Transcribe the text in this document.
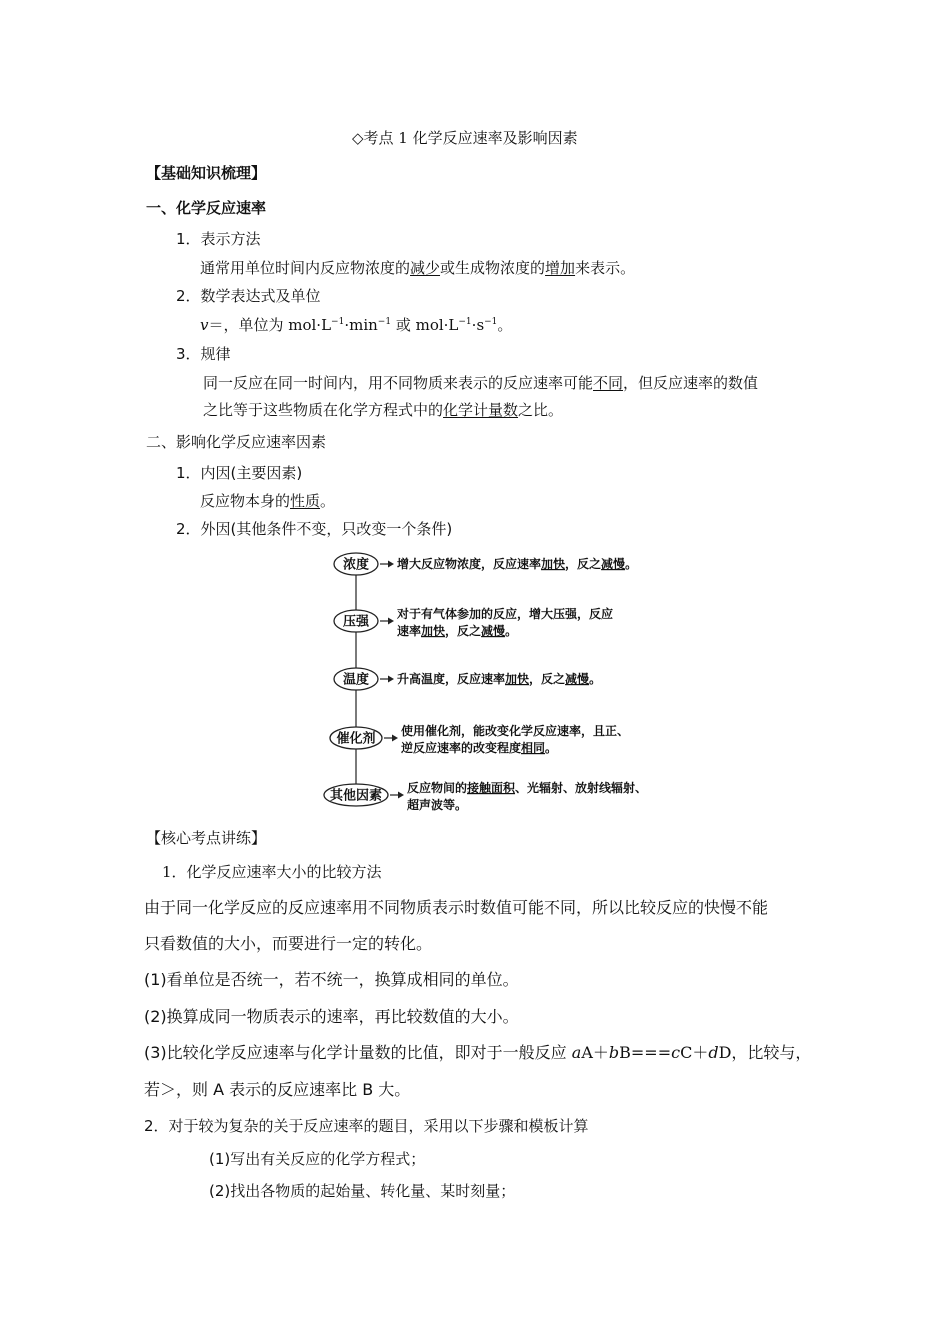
◇考点 1 化学反应速率及影响因素
【基础知识梳理】
一、化学反应速率
1．表示方法
通常用单位时间内反应物浓度的减少或生成物浓度的增加来表示。
2．数学表达式及单位
v＝，单位为 $mol\cdot L^{-1}\cdot\min^{-1}$ 或 $mol\cdot L^{-1}\cdot s^{-1}$。
3．规律
同一反应在同一时间内，用不同物质来表示的反应速率可能不同，但反应速率的数值
之比等于这些物质在化学方程式中的化学计量数之比。
二、影响化学反应速率因素
1．内因(主要因素)
反应物本身的性质。
2．外因(其他条件不变，只改变一个条件)
浓度 增大反应物浓度，反应速率加快，反之减慢。
压强
对于有气体参加的反应，增大压强，反应
速率加快，反之减慢。
温度 升高温度，反应速率加快，反之减慢。
催化剂
使用催化剂，能改变化学反应速率，且正、
逆反应速率的改变程度相同。
其他因素
反应物间的接触面积、光辐射、放射线辐射、
超声波等。
【核心考点讲练】
1．化学反应速率大小的比较方法
由于同一化学反应的反应速率用不同物质表示时数值可能不同，所以比较反应的快慢不能
只看数值的大小，而要进行一定的转化。
(1)看单位是否统一，若不统一，换算成相同的单位。
(2)换算成同一物质表示的速率，再比较数值的大小。
(3)比较化学反应速率与化学计量数的比值，即对于一般反应 aA＋bB===cC＋dD，比较与，
若＞，则 A 表示的反应速率比 B 大。
2．对于较为复杂的关于反应速率的题目，采用以下步骤和模板计算
(1)写出有关反应的化学方程式；
(2)找出各物质的起始量、转化量、某时刻量；
